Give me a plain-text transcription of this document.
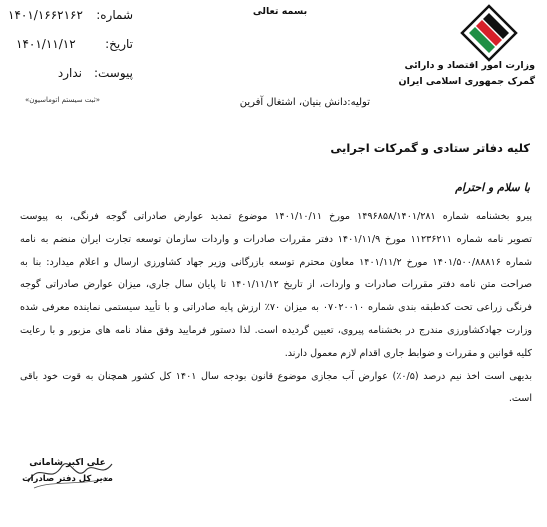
بسمه تعالی
وزارت امور اقتصاد و دارائی
گمرک جمهوری اسلامی ایران
شماره:
۱۴۰۱/۱۶۶۲۱۶۲
تاریخ:
۱۴۰۱/۱۱/۱۲
پیوست:
ندارد
«ثبت سیستم اتوماسیون»	تولیه:دانش بنیان، اشتغال آفرین
کلیه دفاتر ستادی و گمرکات اجرایی
با سلام و احترام
پیرو بخشنامه شماره ۱۴۹۶۸۵۸/۱۴۰۱/۲۸۱ مورخ ۱۴۰۱/۱۰/۱۱ موضوع تمدید عوارض صادراتی گوجه فرنگی، به پیوست
تصویر نامه شماره ۱۱۲۳۶۲۱۱ مورخ ۱۴۰۱/۱۱/۹ دفتر مقررات صادرات و واردات سازمان توسعه تجارت ایران منضم به نامه
شماره ۱۴۰۱/۵۰۰/۸۸۸۱۶ مورخ ۱۴۰۱/۱۱/۲ معاون محترم توسعه بازرگانی وزیر جهاد کشاورزی ارسال و اعلام میدارد: بنا به
صراحت متن نامه دفتر مقررات صادرات و واردات، از تاریخ ۱۴۰۱/۱۱/۱۲ تا پایان سال جاری، میزان عوارض صادراتی گوجه
فرنگی زراعی تحت کدطبقه بندی شماره ۰۷۰۲۰۰۱۰ به میزان ۷۰٪ ارزش پایه صادراتی و با تأیید سیستمی نماینده معرفی شده
وزارت جهادکشاورزی مندرج در بخشنامه پیروی، تعیین گردیده است. لذا دستور فرمایید وفق مفاد نامه های مزبور و با رعایت
کلیه قوانین و مقررات و ضوابط جاری اقدام لازم معمول دارند.
بدیهی است اخذ نیم درصد (۰/۵٪) عوارض آب مجازی موضوع قانون بودجه سال ۱۴۰۱ کل کشور همچنان به قوت خود باقی
است.
علی اکبر شامانی
مدیر کل دفتر صادرات
